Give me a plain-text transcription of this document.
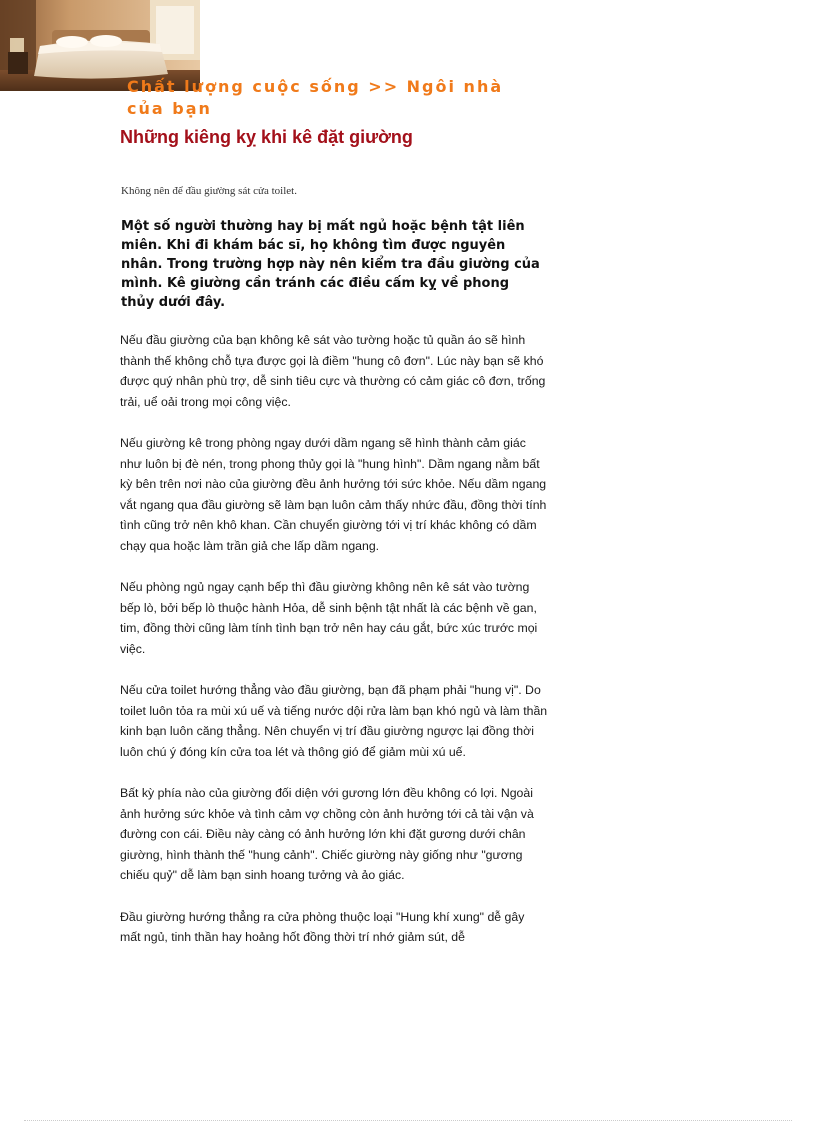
Chất lượng cuộc sống >> Ngôi nhà của bạn
Những kiêng kỵ khi kê đặt giường
Không nên để đầu giường sát cửa toilet.
Một số người thường hay bị mất ngủ hoặc bệnh tật liên miên. Khi đi khám bác sĩ, họ không tìm được nguyên nhân. Trong trường hợp này nên kiểm tra đầu giường của mình. Kê giường cần tránh các điều cấm kỵ về phong thủy dưới đây.

Nếu đầu giường của bạn không kê sát vào tường hoặc tủ quần áo sẽ hình thành thế không chỗ tựa được gọi là điềm "hung cô đơn". Lúc này bạn sẽ khó được quý nhân phù trợ, dễ sinh tiêu cực và thường có cảm giác cô đơn, trống trải, uể oải trong mọi công việc.

Nếu giường kê trong phòng ngay dưới dầm ngang sẽ hình thành cảm giác như luôn bị đè nén, trong phong thủy gọi là "hung hình". Dầm ngang nằm bất kỳ bên trên nơi nào của giường đều ảnh hưởng tới sức khỏe. Nếu dầm ngang vắt ngang qua đầu giường sẽ làm bạn luôn cảm thấy nhức đầu, đồng thời tính tình cũng trở nên khô khan. Cần chuyển giường tới vị trí khác không có dầm chạy qua hoặc làm trần giả che lấp dầm ngang.

Nếu phòng ngủ ngay cạnh bếp thì đầu giường không nên kê sát vào tường bếp lò, bởi bếp lò thuộc hành Hỏa, dễ sinh bệnh tật nhất là các bệnh về gan, tim, đồng thời cũng làm tính tình bạn trở nên hay cáu gắt, bức xúc trước mọi việc.

Nếu cửa toilet hướng thẳng vào đầu giường, bạn đã phạm phải "hung vị". Do toilet luôn tỏa ra mùi xú uế và tiếng nước dội rửa làm bạn khó ngủ và làm thần kinh bạn luôn căng thẳng. Nên chuyển vị trí đầu giường ngược lại đồng thời luôn chú ý đóng kín cửa toa lét và thông gió để giảm mùi xú uế.

Bất kỳ phía nào của giường đối diện với gương lớn đều không có lợi. Ngoài ảnh hưởng sức khỏe và tình cảm vợ chồng còn ảnh hưởng tới cả tài vận và đường con cái. Điều này càng có ảnh hưởng lớn khi đặt gương dưới chân giường, hình thành thế "hung cảnh". Chiếc giường này giống như "gương chiếu quỷ" dễ làm bạn sinh hoang tưởng và ảo giác.

Đầu giường hướng thẳng ra cửa phòng thuộc loại "Hung khí xung" dễ gây mất ngủ, tinh thần hay hoảng hốt đồng thời trí nhớ giảm sút, dễ
